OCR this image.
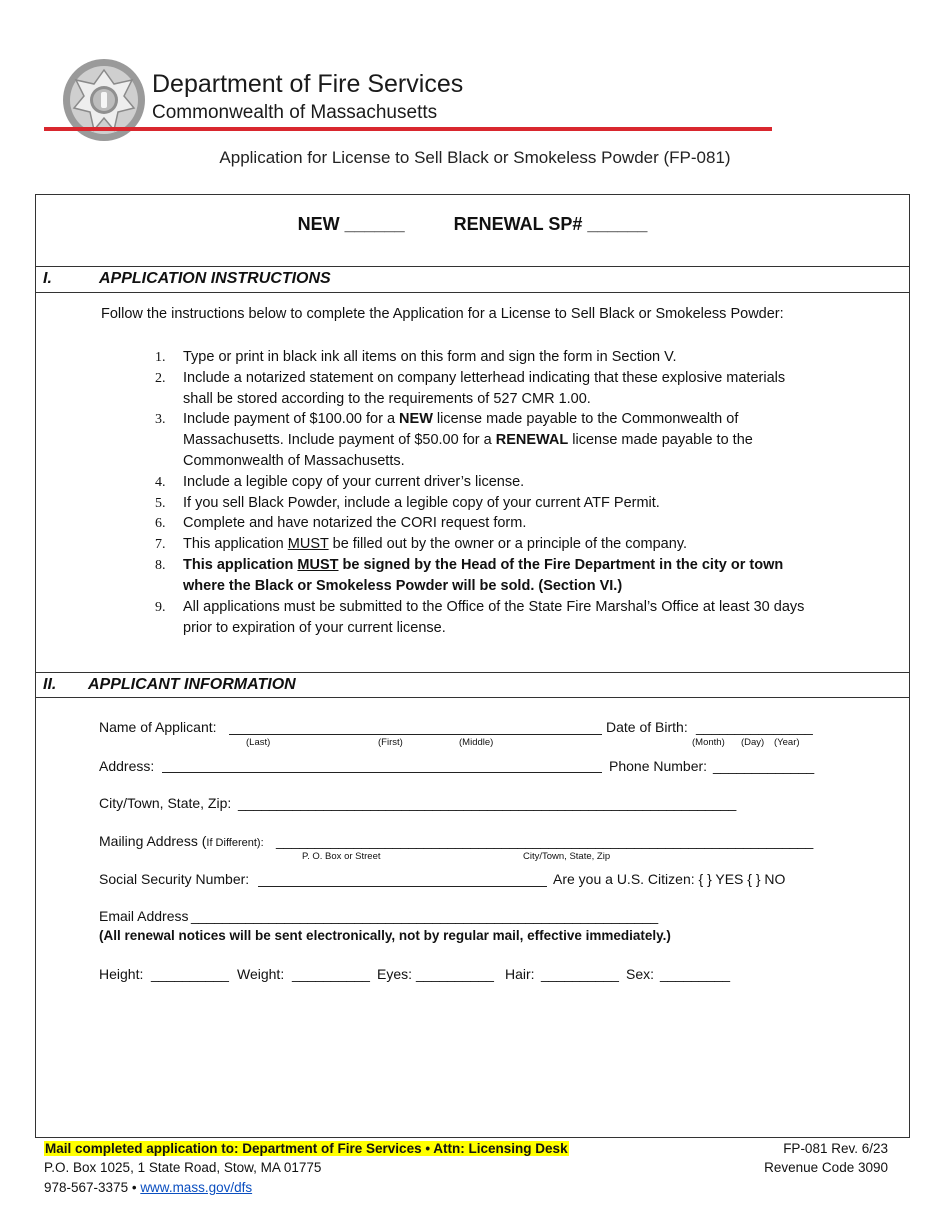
Department of Fire Services
Commonwealth of Massachusetts
Application for License to Sell Black or Smokeless Powder (FP-081)
NEW ______	RENEWAL SP# ______
I.	APPLICATION INSTRUCTIONS
Follow the instructions below to complete the Application for a License to Sell Black or Smokeless Powder:
1.	Type or print in black ink all items on this form and sign the form in Section V.
2.	Include a notarized statement on company letterhead indicating that these explosive materials shall be stored according to the requirements of 527 CMR 1.00.
3.	Include payment of $100.00 for a NEW license made payable to the Commonwealth of Massachusetts. Include payment of $50.00 for a RENEWAL license made payable to the Commonwealth of Massachusetts.
4.	Include a legible copy of your current driver’s license.
5.	If you sell Black Powder, include a legible copy of your current ATF Permit.
6.	Complete and have notarized the CORI request form.
7.	This application MUST be filled out by the owner or a principle of the company.
8.	This application MUST be signed by the Head of the Fire Department in the city or town where the Black or Smokeless Powder will be sold. (Section VI.)
9.	All applications must be submitted to the Office of the State Fire Marshal’s Office at least 30 days prior to expiration of your current license.
II. APPLICANT INFORMATION
Name of Applicant:
(Last)	(First)	(Middle)
Date of Birth: _______________
(Month) (Day) (Year)
Address:	Phone Number: _____________
City/Town, State, Zip: ________________________________________________________________
Mailing Address (If Different): _____________________________________________________________________
P. O. Box or Street	City/Town, State, Zip
Social Security Number:	Are you a U.S. Citizen: { } YES { } NO
Email Address ____________________________________________________________
(All renewal notices will be sent electronically, not by regular mail, effective immediately.)
Height: __________ Weight: __________ Eyes: __________ Hair: __________ Sex: _________
Mail completed application to: Department of Fire Services • Attn: Licensing Desk
P.O. Box 1025, 1 State Road, Stow, MA 01775
978-567-3375 • www.mass.gov/dfs
FP-081 Rev. 6/23
Revenue Code 3090
